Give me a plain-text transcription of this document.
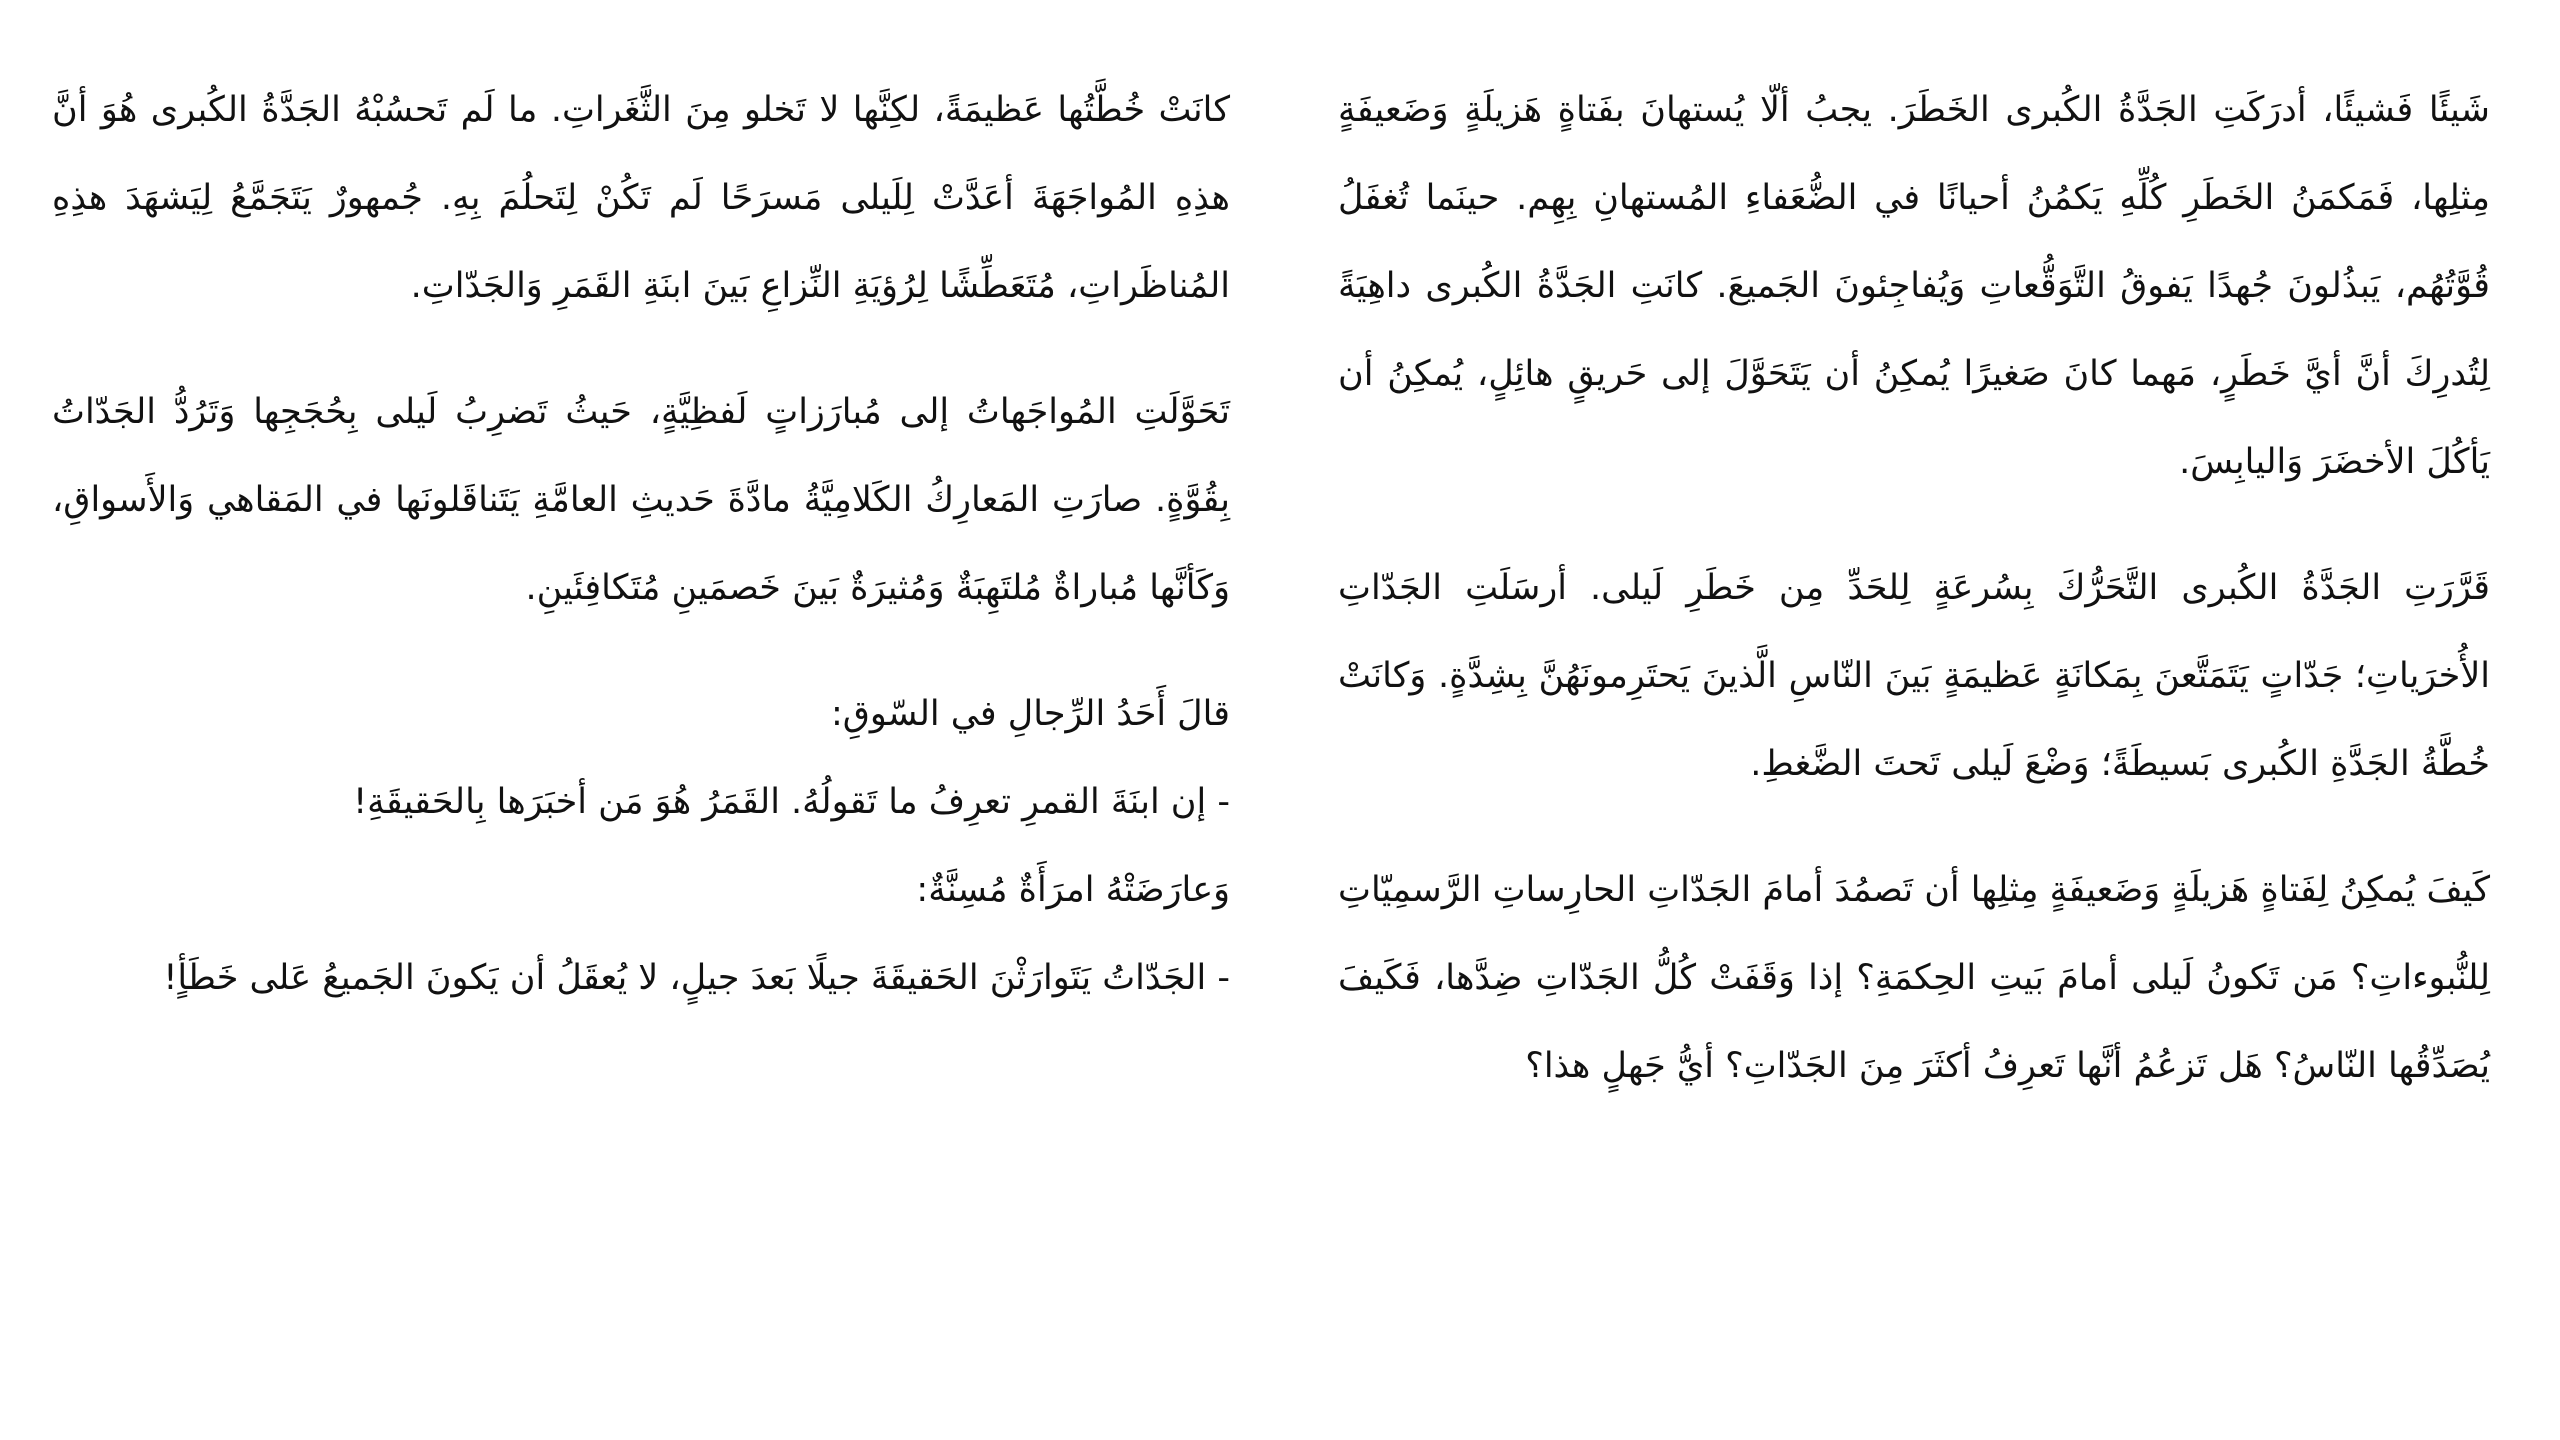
شَيئًا فَشيئًا، أدرَكَتِ الجَدَّةُ الكُبرى الخَطَرَ. يجبُ ألّا يُستهانَ بفَتاةٍ هَزيلَةٍ وَضَعيفَةٍ مِثلِها، فَمَكمَنُ الخَطَرِ كُلِّهِ يَكمُنُ أحيانًا في الضُّعَفاءِ المُستهانِ بِهِم. حينَما تُغفَلُ قُوَّتُهُم، يَبذُلونَ جُهدًا يَفوقُ التَّوَقُّعاتِ وَيُفاجِئونَ الجَميعَ. كانَتِ الجَدَّةُ الكُبرى داهِيَةً لِتُدرِكَ أنَّ أيَّ خَطَرٍ، مَهما كانَ صَغيرًا يُمكِنُ أن يَتَحَوَّلَ إلى حَريقٍ هائِلٍ، يُمكِنُ أن يَأكُلَ الأخضَرَ وَاليابِسَ.

قَرَّرَتِ الجَدَّةُ الكُبرى التَّحَرُّكَ بِسُرعَةٍ لِلحَدِّ مِن خَطَرِ لَيلى. أرسَلَتِ الجَدّاتِ الأُخرَياتِ؛ جَدّاتٍ يَتَمَتَّعنَ بِمَكانَةٍ عَظيمَةٍ بَينَ النّاسِ الَّذينَ يَحتَرِمونَهُنَّ بِشِدَّةٍ. وَكانَتْ خُطَّةُ الجَدَّةِ الكُبرى بَسيطَةً؛ وَضْعَ لَيلى تَحتَ الضَّغطِ.

كَيفَ يُمكِنُ لِفَتاةٍ هَزيلَةٍ وَضَعيفَةٍ مِثلِها أن تَصمُدَ أمامَ الجَدّاتِ الحارِساتِ الرَّسمِيّاتِ لِلنُّبوءاتِ؟ مَن تَكونُ لَيلى أمامَ بَيتِ الحِكمَةِ؟ إذا وَقَفَتْ كُلُّ الجَدّاتِ ضِدَّها، فَكَيفَ يُصَدِّقُها النّاسُ؟ هَل تَزعُمُ أنَّها تَعرِفُ أكثَرَ مِنَ الجَدّاتِ؟ أيُّ جَهلٍ هذا؟

كانَتْ خُطَّتُها عَظيمَةً، لكِنَّها لا تَخلو مِنَ الثَّغَراتِ. ما لَم تَحسُبْهُ الجَدَّةُ الكُبرى هُوَ أنَّ هذِهِ المُواجَهَةَ أعَدَّتْ لِلَيلى مَسرَحًا لَم تَكُنْ لِتَحلُمَ بِهِ. جُمهورٌ يَتَجَمَّعُ لِيَشهَدَ هذِهِ المُناظَراتِ، مُتَعَطِّشًا لِرُؤيَةِ النِّزاعِ بَينَ ابنَةِ القَمَرِ وَالجَدّاتِ.

تَحَوَّلَتِ المُواجَهاتُ إلى مُبارَزاتٍ لَفظِيَّةٍ، حَيثُ تَضرِبُ لَيلى بِحُجَجِها وَتَرُدُّ الجَدّاتُ بِقُوَّةٍ. صارَتِ المَعارِكُ الكَلامِيَّةُ مادَّةَ حَديثِ العامَّةِ يَتَناقَلونَها في المَقاهي وَالأَسواقِ، وَكَأنَّها مُباراةٌ مُلتَهِبَةٌ وَمُثيرَةٌ بَينَ خَصمَينِ مُتَكافِئَينِ.

قالَ أَحَدُ الرِّجالِ في السّوقِ:

- إن ابنَةَ القمرِ تعرِفُ ما تَقولُهُ. القَمَرُ هُوَ مَن أخبَرَها بِالحَقيقَةِ!

وَعارَضَتْهُ امرَأَةٌ مُسِنَّةٌ:

- الجَدّاتُ يَتَوارَثْنَ الحَقيقَةَ جيلًا بَعدَ جيلٍ، لا يُعقَلُ أن يَكونَ الجَميعُ عَلى خَطَأٍ!
